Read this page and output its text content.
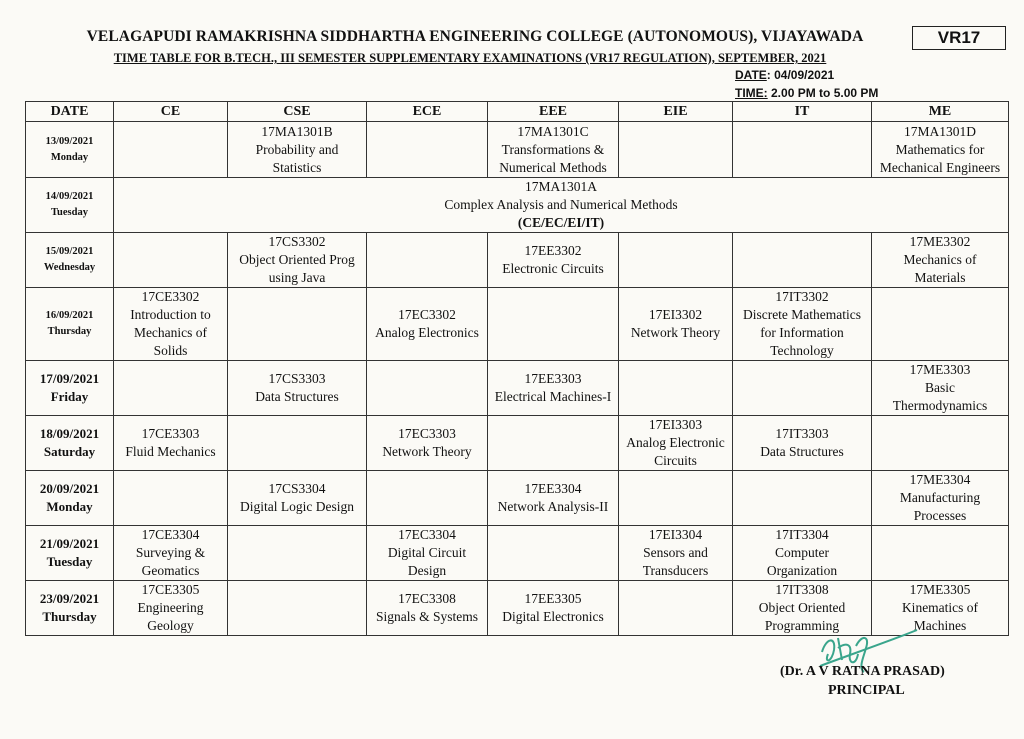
VELAGAPUDI RAMAKRISHNA SIDDHARTHA ENGINEERING COLLEGE (AUTONOMOUS), VIJAYAWADA
TIME TABLE FOR B.TECH., III SEMESTER SUPPLEMENTARY EXAMINATIONS (VR17 REGULATION), SEPTEMBER, 2021
VR17
DATE: 04/09/2021
TIME: 2.00 PM to 5.00 PM
DATE	CE	CSE	ECE	EEE	EIE	IT	ME

13/09/2021
Monday		17MA1301B
Probability and
Statistics		17MA1301C
Transformations &
Numerical Methods			17MA1301D
Mathematics for
Mechanical Engineers

14/09/2021
Tuesday	17MA1301A
Complex Analysis and Numerical Methods
(CE/EC/EI/IT)						

15/09/2021
Wednesday		17CS3302
Object Oriented Prog
using Java		17EE3302
Electronic Circuits			17ME3302
Mechanics of
Materials

16/09/2021
Thursday	17CE3302
Introduction to
Mechanics of
Solids		17EC3302
Analog Electronics		17EI3302
Network Theory	17IT3302
Discrete Mathematics
for Information
Technology	

17/09/2021
Friday		17CS3303
Data Structures		17EE3303
Electrical Machines-I			17ME3303
Basic
Thermodynamics

18/09/2021
Saturday	17CE3303
Fluid Mechanics		17EC3303
Network Theory		17EI3303
Analog Electronic
Circuits	17IT3303
Data Structures	

20/09/2021
Monday		17CS3304
Digital Logic Design		17EE3304
Network Analysis-II			17ME3304
Manufacturing
Processes

21/09/2021
Tuesday	17CE3304
Surveying &
Geomatics		17EC3304
Digital Circuit
Design		17EI3304
Sensors and
Transducers	17IT3304
Computer
Organization	

23/09/2021
Thursday	17CE3305
Engineering
Geology		17EC3308
Signals & Systems	17EE3305
Digital Electronics		17IT3308
Object Oriented
Programming	17ME3305
Kinematics of
Machines
(Dr. A V RATNA PRASAD)
PRINCIPAL
